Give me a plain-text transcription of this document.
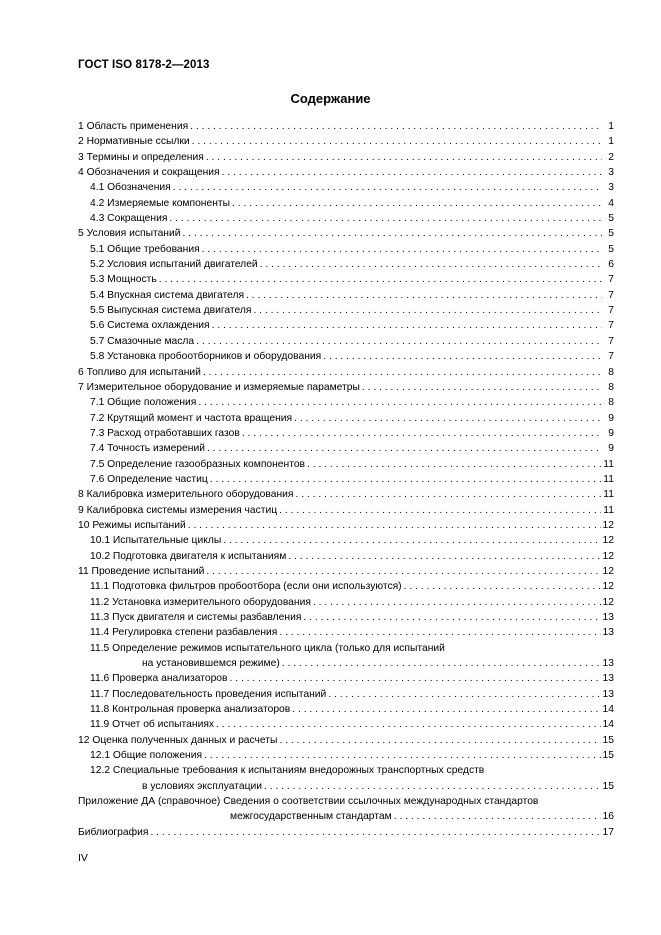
ГОСТ ISO 8178-2—2013
Содержание
1 Область применения . . .	1
2 Нормативные ссылки . . .	1
3 Термины и определения . . .	2
4 Обозначения и сокращения . . .	3
4.1 Обозначения . . .	3
4.2 Измеряемые компоненты . . .	4
4.3 Сокращения . . .	5
5 Условия испытаний . . .	5
5.1 Общие требования . . .	5
5.2 Условия испытаний двигателей . . .	6
5.3 Мощность . . .	7
5.4 Впускная система двигателя . . .	7
5.5 Выпускная система двигателя . . .	7
5.6 Система охлаждения . . .	7
5.7 Смазочные масла . . .	7
5.8 Установка пробоотборников и оборудования . . .	7
6 Топливо для испытаний . . .	8
7 Измерительное оборудование и измеряемые параметры . . .	8
7.1 Общие положения . . .	8
7.2 Крутящий момент и частота вращения . . .	9
7.3 Расход отработавших газов . . .	9
7.4 Точность измерений . . .	9
7.5 Определение газообразных компонентов . . .	11
7.6 Определение частиц . . .	11
8 Калибровка измерительного оборудования . . .	11
9 Калибровка системы измерения частиц . . .	11
10 Режимы испытаний . . .	12
10.1 Испытательные циклы . . .	12
10.2 Подготовка двигателя к испытаниям . . .	12
11 Проведение испытаний . . .	12
11.1 Подготовка фильтров пробоотбора (если они используются) . . .	12
11.2 Установка измерительного оборудования . . .	12
11.3 Пуск двигателя и системы разбавления . . .	13
11.4 Регулировка степени разбавления . . .	13
11.5 Определение режимов испытательного цикла (только для испытаний
на установившемся режиме) . . .	13
11.6 Проверка анализаторов . . .	13
11.7 Последовательность проведения испытаний . . .	13
11.8 Контрольная проверка анализаторов . . .	14
11.9 Отчет об испытаниях . . .	14
12 Оценка полученных данных и расчеты . . .	15
12.1 Общие положения . . .	15
12.2 Специальные требования к испытаниям внедорожных транспортных средств
в условиях эксплуатации . . .	15
Приложение ДА (справочное) Сведения о соответствии ссылочных международных стандартов
межгосударственным стандартам . . .	16
Библиография . . .	17
IV
